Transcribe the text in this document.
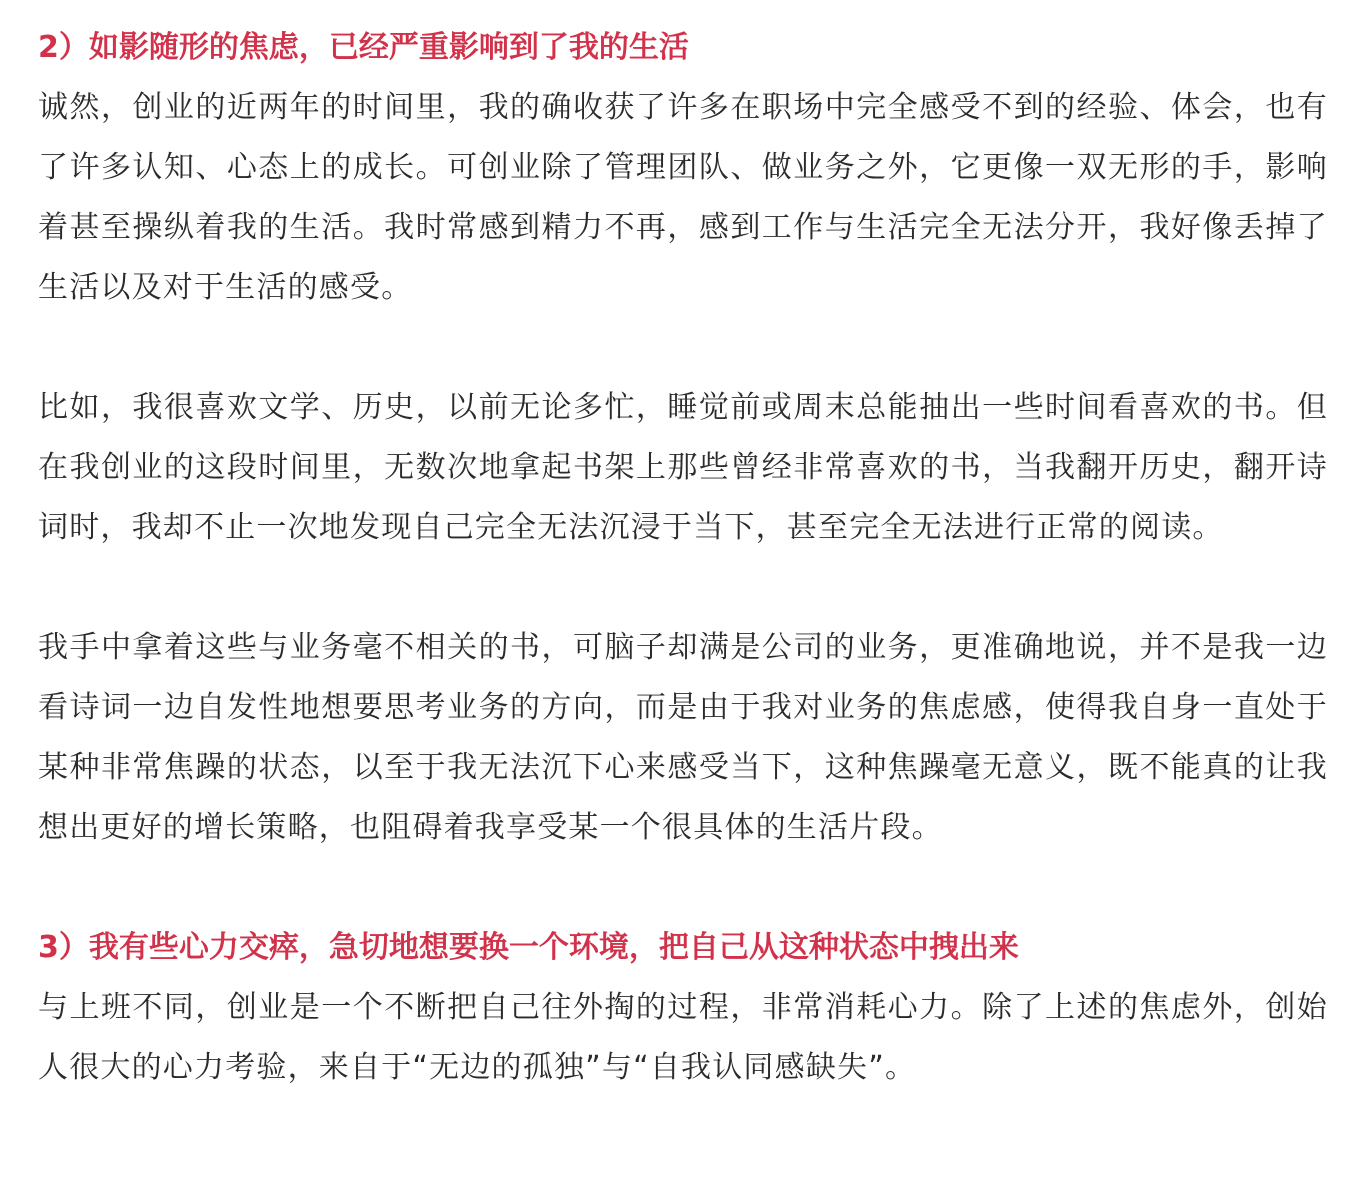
2）如影随形的焦虑，已经严重影响到了我的生活

诚然，创业的近两年的时间里，我的确收获了许多在职场中完全感受不到的经验、体会，也有了许多认知、心态上的成长。可创业除了管理团队、做业务之外，它更像一双无形的手，影响着甚至操纵着我的生活。我时常感到精力不再，感到工作与生活完全无法分开，我好像丢掉了生活以及对于生活的感受。

比如，我很喜欢文学、历史，以前无论多忙，睡觉前或周末总能抽出一些时间看喜欢的书。但在我创业的这段时间里，无数次地拿起书架上那些曾经非常喜欢的书，当我翻开历史，翻开诗词时，我却不止一次地发现自己完全无法沉浸于当下，甚至完全无法进行正常的阅读。

我手中拿着这些与业务毫不相关的书，可脑子却满是公司的业务，更准确地说，并不是我一边看诗词一边自发性地想要思考业务的方向，而是由于我对业务的焦虑感，使得我自身一直处于某种非常焦躁的状态，以至于我无法沉下心来感受当下，这种焦躁毫无意义，既不能真的让我想出更好的增长策略，也阻碍着我享受某一个很具体的生活片段。

3）我有些心力交瘁，急切地想要换一个环境，把自己从这种状态中拽出来

与上班不同，创业是一个不断把自己往外掏的过程，非常消耗心力。除了上述的焦虑外，创始人很大的心力考验，来自于“无边的孤独”与“自我认同感缺失”。
